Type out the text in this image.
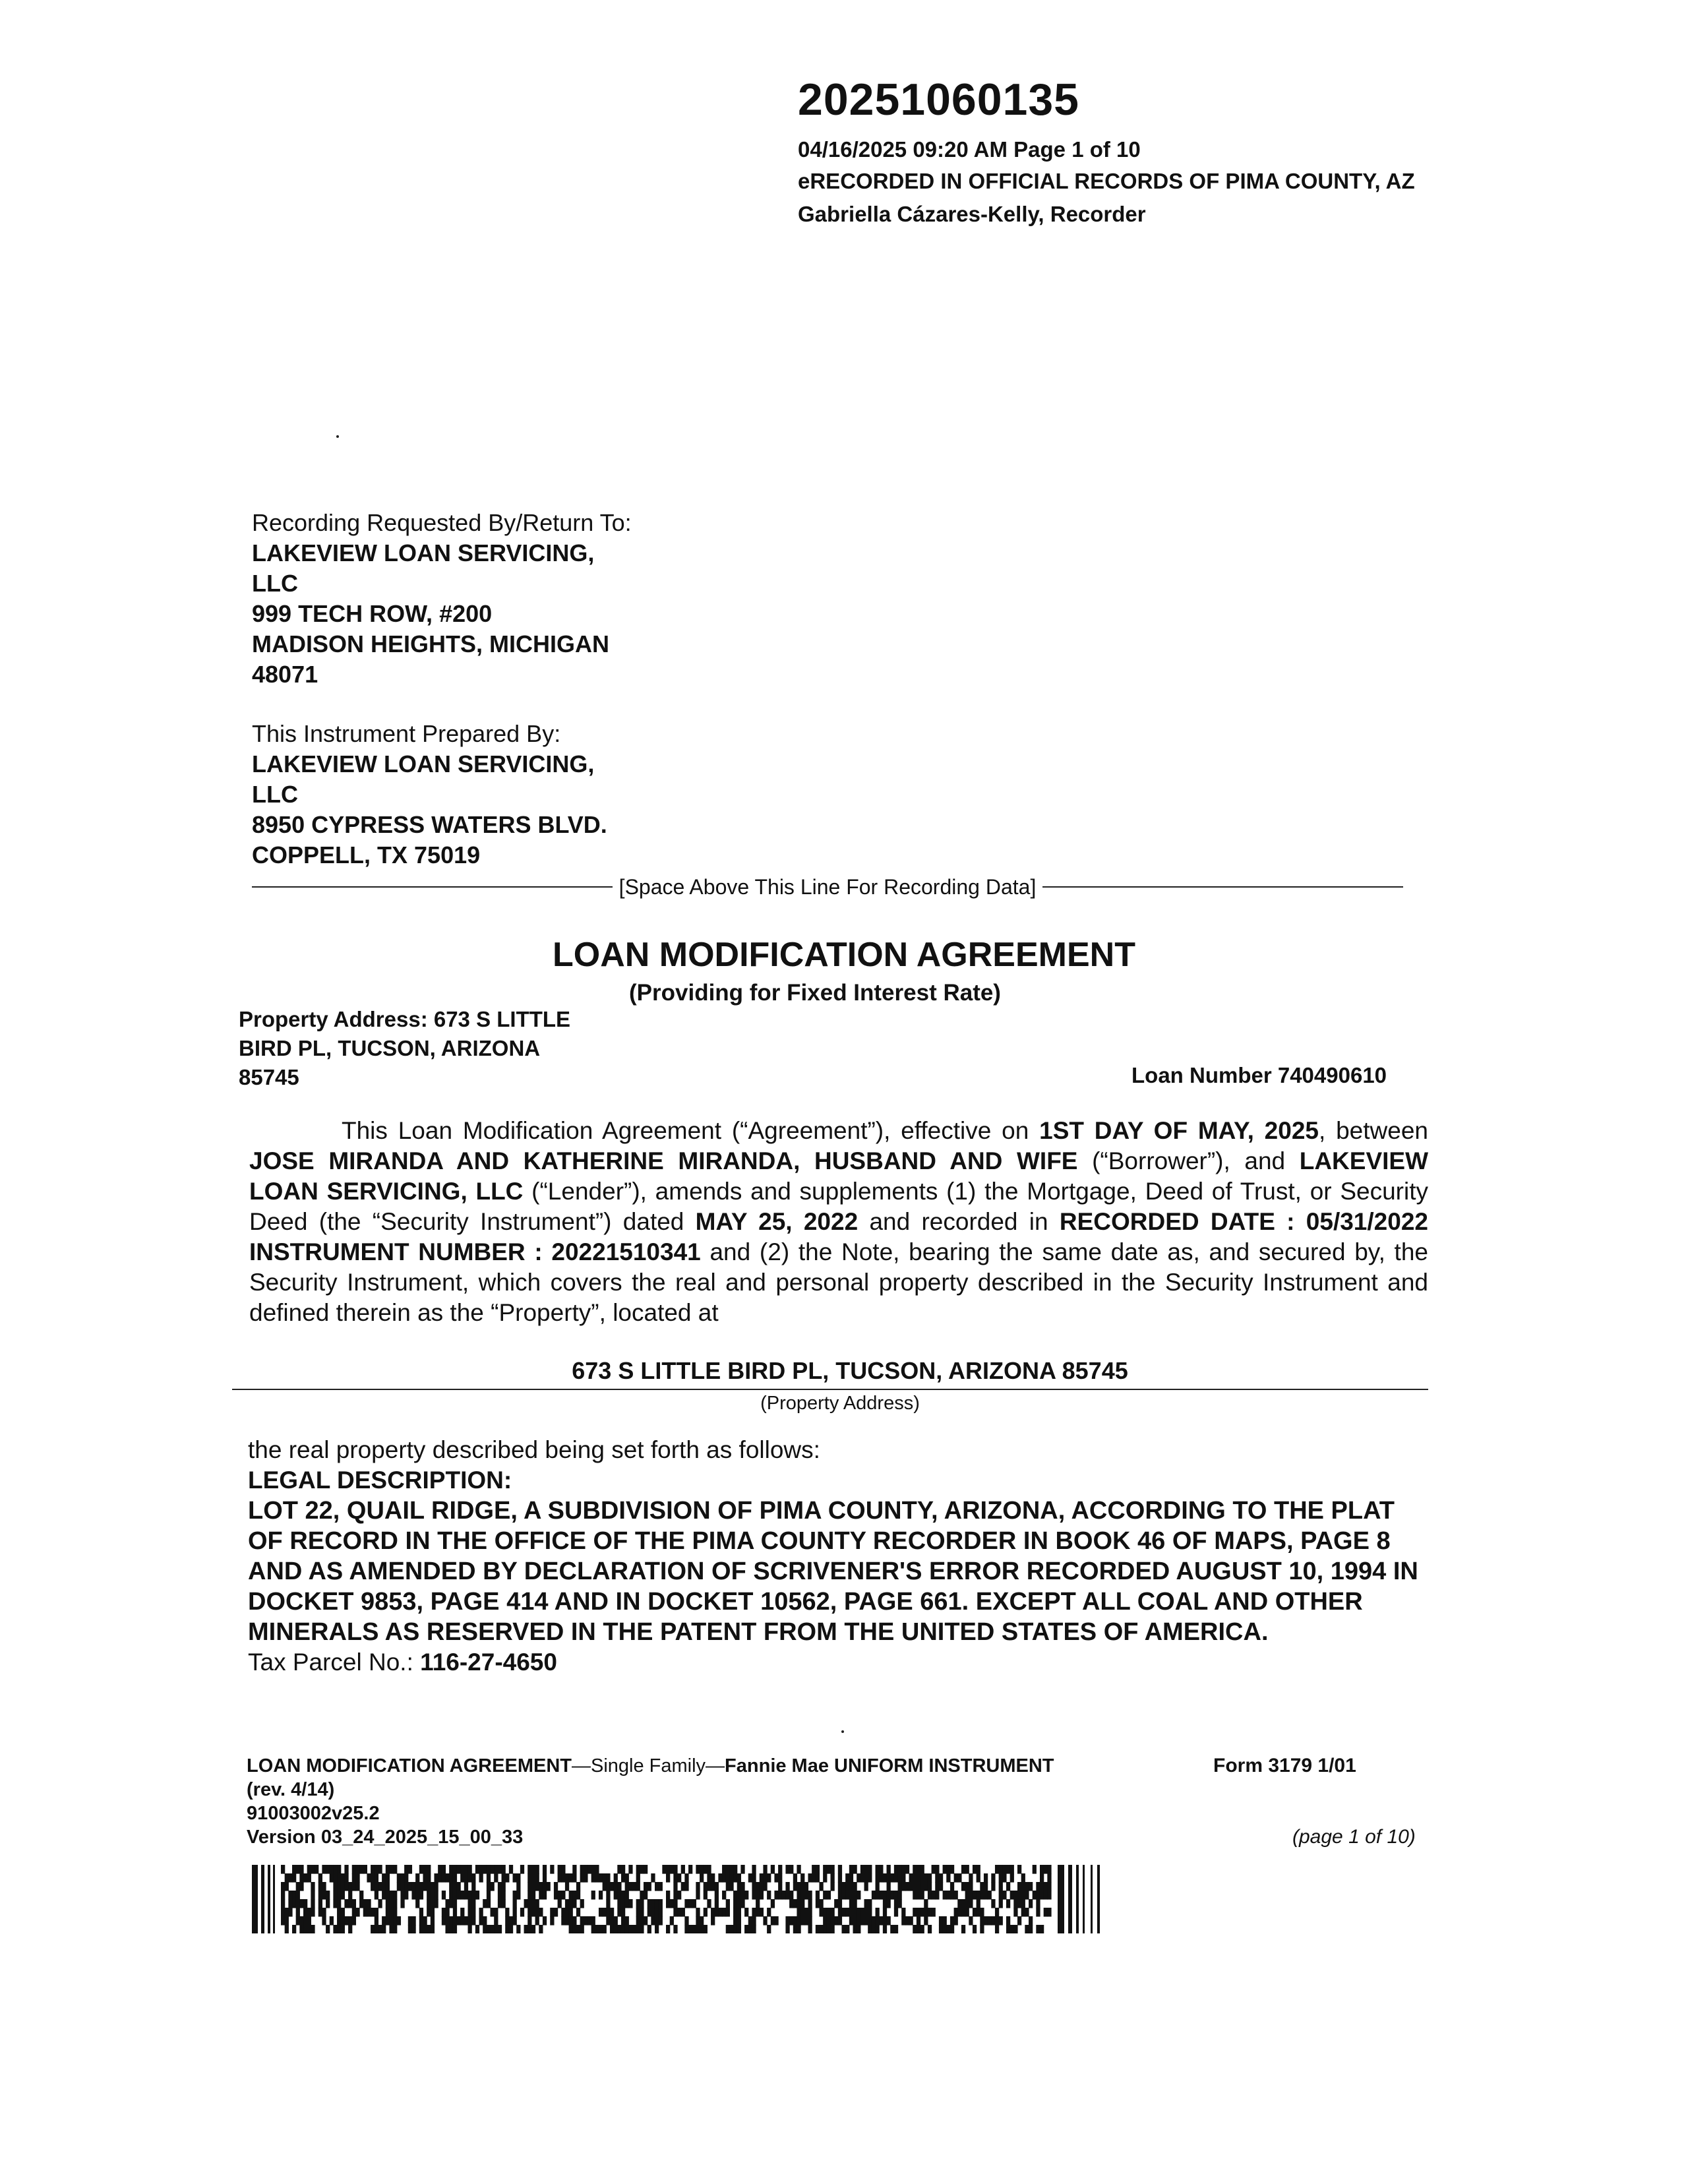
20251060135
04/16/2025 09:20 AM Page 1 of 10
eRECORDED IN OFFICIAL RECORDS OF PIMA COUNTY, AZ
Gabriella Cázares-Kelly, Recorder
Recording Requested By/Return To:
LAKEVIEW LOAN SERVICING,
LLC
999 TECH ROW, #200
MADISON HEIGHTS, MICHIGAN
48071
This Instrument Prepared By:
LAKEVIEW LOAN SERVICING,
LLC
8950 CYPRESS WATERS BLVD.
COPPELL, TX 75019
[Space Above This Line For Recording Data]
LOAN MODIFICATION AGREEMENT
(Providing for Fixed Interest Rate)
Property Address: 673 S LITTLE
BIRD PL, TUCSON, ARIZONA
85745	Loan Number 740490610

This Loan Modification Agreement (“Agreement”), effective on 1ST DAY OF MAY, 2025, between JOSE MIRANDA AND KATHERINE MIRANDA, HUSBAND AND WIFE (“Borrower”), and LAKEVIEW LOAN SERVICING, LLC (“Lender”), amends and supplements (1) the Mortgage, Deed of Trust, or Security Deed (the “Security Instrument”) dated MAY 25, 2022 and recorded in RECORDED DATE : 05/31/2022 INSTRUMENT NUMBER : 20221510341 and (2) the Note, bearing the same date as, and secured by, the Security Instrument, which covers the real and personal property described in the Security Instrument and defined therein as the “Property”, located at

673 S LITTLE BIRD PL, TUCSON, ARIZONA 85745
(Property Address)
the real property described being set forth as follows:
LEGAL DESCRIPTION:
LOT 22, QUAIL RIDGE, A SUBDIVISION OF PIMA COUNTY, ARIZONA, ACCORDING TO THE PLAT OF RECORD IN THE OFFICE OF THE PIMA COUNTY RECORDER IN BOOK 46 OF MAPS, PAGE 8 AND AS AMENDED BY DECLARATION OF SCRIVENER'S ERROR RECORDED AUGUST 10, 1994 IN DOCKET 9853, PAGE 414 AND IN DOCKET 10562, PAGE 661. EXCEPT ALL COAL AND OTHER MINERALS AS RESERVED IN THE PATENT FROM THE UNITED STATES OF AMERICA.
Tax Parcel No.: 116-27-4650
LOAN MODIFICATION AGREEMENT—Single Family—Fannie Mae UNIFORM INSTRUMENT
(rev. 4/14)
91003002v25.2
Version 03_24_2025_15_00_33
Form 3179 1/01
(page 1 of 10)
